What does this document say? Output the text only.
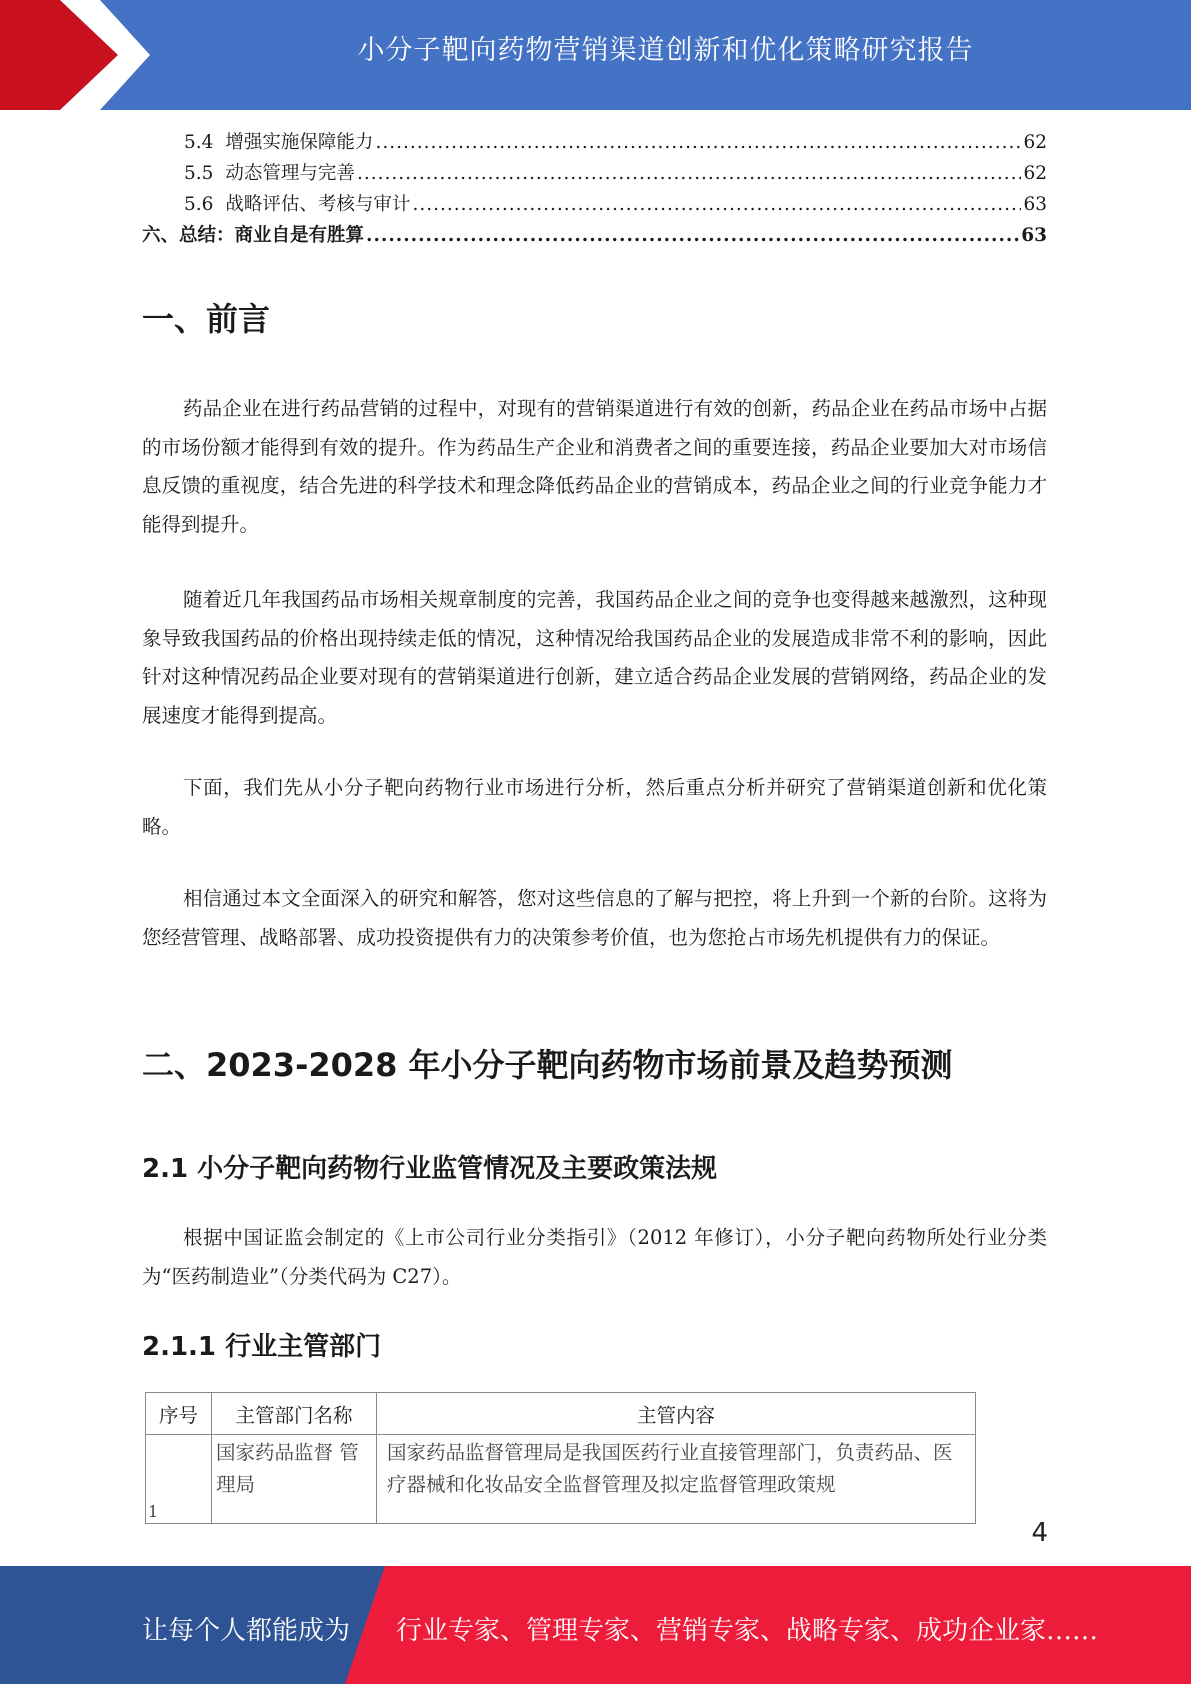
小分子靶向药物营销渠道创新和优化策略研究报告
5.4 增强实施保障能力 .....	62
5.5 动态管理与完善 .....	62
5.6 战略评估、考核与审计 .....	63
六、总结：商业自是有胜算 .....	63
一、前言

药品企业在进行药品营销的过程中，对现有的营销渠道进行有效的创新，药品企业在药品市场中占据的市场份额才能得到有效的提升。作为药品生产企业和消费者之间的重要连接，药品企业要加大对市场信息反馈的重视度，结合先进的科学技术和理念降低药品企业的营销成本，药品企业之间的行业竞争能力才能得到提升。

随着近几年我国药品市场相关规章制度的完善，我国药品企业之间的竞争也变得越来越激烈，这种现象导致我国药品的价格出现持续走低的情况，这种情况给我国药品企业的发展造成非常不利的影响，因此针对这种情况药品企业要对现有的营销渠道进行创新，建立适合药品企业发展的营销网络，药品企业的发展速度才能得到提高。

下面，我们先从小分子靶向药物行业市场进行分析，然后重点分析并研究了营销渠道创新和优化策略。

相信通过本文全面深入的研究和解答，您对这些信息的了解与把控，将上升到一个新的台阶。这将为您经营管理、战略部署、成功投资提供有力的决策参考价值，也为您抢占市场先机提供有力的保证。

二、2023-2028 年小分子靶向药物市场前景及趋势预测
2.1 小分子靶向药物行业监管情况及主要政策法规

根据中国证监会制定的《上市公司行业分类指引》（2012 年修订），小分子靶向药物所处行业分类为“医药制造业”（分类代码为 C27）。

2.1.1 行业主管部门
序号	主管部门名称	主管内容
1	国家药品监督 管理局	国家药品监督管理局是我国医药行业直接管理部门，负责药品、医疗器械和化妆品安全监督管理及拟定监督管理政策规
4
让每个人都能成为 行业专家、管理专家、营销专家、战略专家、成功企业家……
